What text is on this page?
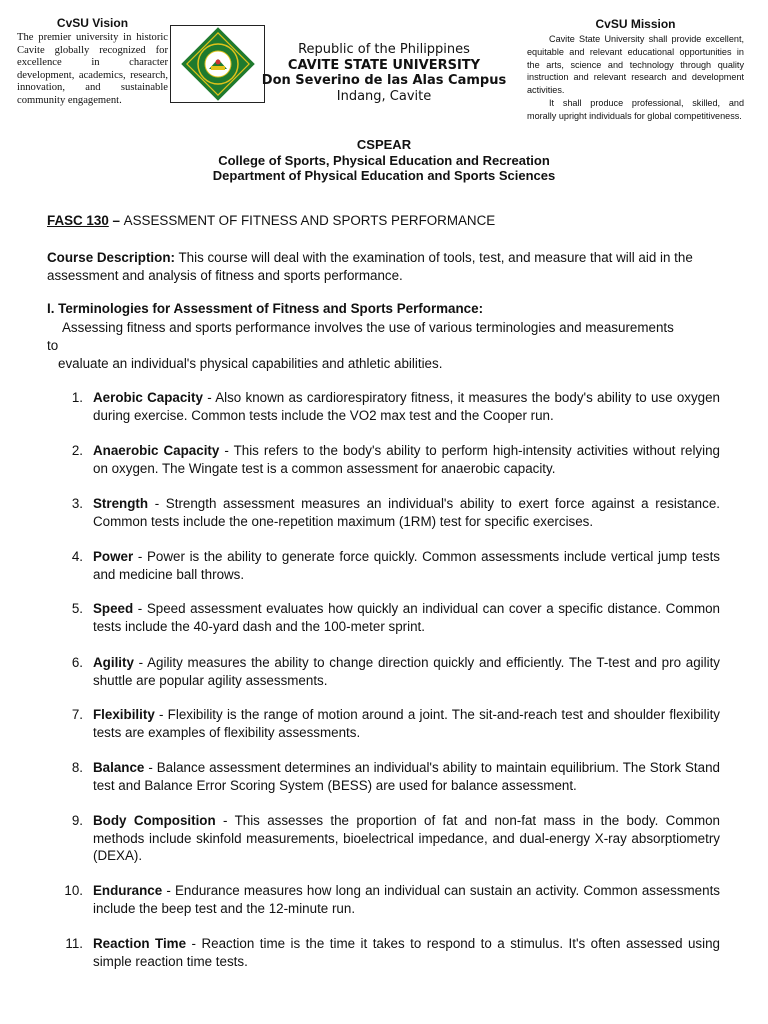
CvSU Vision

The premier university in historic Cavite globally recognized for excellence in character development, academics, research, innovation, and sustainable community engagement.

Republic of the Philippines
CAVITE STATE UNIVERSITY
Don Severino de las Alas Campus
Indang, Cavite
CvSU Mission

Cavite State University shall provide excellent, equitable and relevant educational opportunities in the arts, science and technology through quality instruction and relevant research and development activities.

It shall produce professional, skilled, and morally upright individuals for global competitiveness.

CSPEAR
College of Sports, Physical Education and Recreation
Department of Physical Education and Sports Sciences
FASC 130 – ASSESSMENT OF FITNESS AND SPORTS PERFORMANCE
Course Description: This course will deal with the examination of tools, test, and measure that will aid in the assessment and analysis of fitness and sports performance.
I. Terminologies for Assessment of Fitness and Sports Performance:
Assessing fitness and sports performance involves the use of various terminologies and measurements
to
evaluate an individual's physical capabilities and athletic abilities.
1. Aerobic Capacity - Also known as cardiorespiratory fitness, it measures the body's ability to use oxygen during exercise. Common tests include the VO2 max test and the Cooper run.
2. Anaerobic Capacity - This refers to the body's ability to perform high-intensity activities without relying on oxygen. The Wingate test is a common assessment for anaerobic capacity.
3. Strength - Strength assessment measures an individual's ability to exert force against a resistance. Common tests include the one-repetition maximum (1RM) test for specific exercises.
4. Power - Power is the ability to generate force quickly. Common assessments include vertical jump tests and medicine ball throws.
5. Speed - Speed assessment evaluates how quickly an individual can cover a specific distance. Common tests include the 40-yard dash and the 100-meter sprint.
6. Agility - Agility measures the ability to change direction quickly and efficiently. The T-test and pro agility shuttle are popular agility assessments.
7. Flexibility - Flexibility is the range of motion around a joint. The sit-and-reach test and shoulder flexibility tests are examples of flexibility assessments.
8. Balance - Balance assessment determines an individual's ability to maintain equilibrium. The Stork Stand test and Balance Error Scoring System (BESS) are used for balance assessment.
9. Body Composition - This assesses the proportion of fat and non-fat mass in the body. Common methods include skinfold measurements, bioelectrical impedance, and dual-energy X-ray absorptiometry (DEXA).
10. Endurance - Endurance measures how long an individual can sustain an activity. Common assessments include the beep test and the 12-minute run.
11. Reaction Time - Reaction time is the time it takes to respond to a stimulus. It's often assessed using simple reaction time tests.
